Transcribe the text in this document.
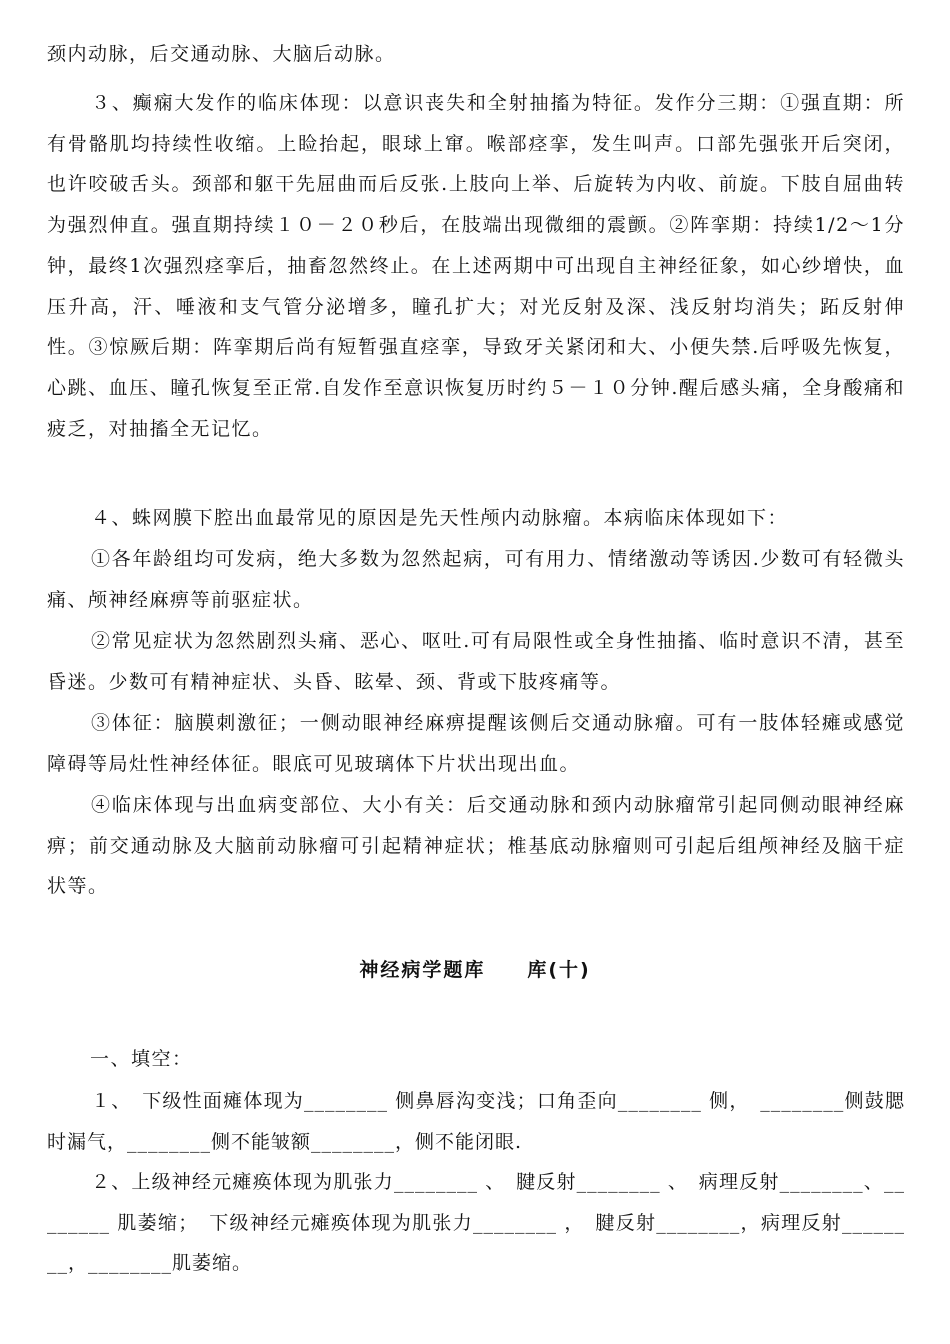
颈内动脉，后交通动脉、大脑后动脉。

３、癫痫大发作的临床体现：以意识丧失和全射抽搐为特征。发作分三期：①强直期：所有骨骼肌均持续性收缩。上睑抬起，眼球上窜。喉部痉挛，发生叫声。口部先强张开后突闭，也许咬破舌头。颈部和躯干先屈曲而后反张.上肢向上举、后旋转为内收、前旋。下肢自屈曲转为强烈伸直。强直期持续１０－２０秒后，在肢端出现微细的震颤。②阵挛期：持续1/2～1分钟，最终1次强烈痉挛后，抽畜忽然终止。在上述两期中可出现自主神经征象，如心纱增快，血压升高，汗、唾液和支气管分泌增多，瞳孔扩大；对光反射及深、浅反射均消失；跖反射伸性。③惊厥后期：阵挛期后尚有短暂强直痉挛，导致牙关紧闭和大、小便失禁.后呼吸先恢复，心跳、血压、瞳孔恢复至正常.自发作至意识恢复历时约５－１０分钟.醒后感头痛，全身酸痛和疲乏，对抽搐全无记忆。

４、蛛网膜下腔出血最常见的原因是先天性颅内动脉瘤。本病临床体现如下：

①各年龄组均可发病，绝大多数为忽然起病，可有用力、情绪激动等诱因.少数可有轻微头痛、颅神经麻痹等前驱症状。

②常见症状为忽然剧烈头痛、恶心、呕吐.可有局限性或全身性抽搐、临时意识不清，甚至昏迷。少数可有精神症状、头昏、眩晕、颈、背或下肢疼痛等。

③体征：脑膜刺激征；一侧动眼神经麻痹提醒该侧后交通动脉瘤。可有一肢体轻瘫或感觉障碍等局灶性神经体征。眼底可见玻璃体下片状出现出血。

④临床体现与出血病变部位、大小有关：后交通动脉和颈内动脉瘤常引起同侧动眼神经麻痹；前交通动脉及大脑前动脉瘤可引起精神症状；椎基底动脉瘤则可引起后组颅神经及脑干症状等。

神经病学题库　　库(十)

一、填空：

１、　下级性面瘫体现为________ 侧鼻唇沟变浅；口角歪向________ 侧，　________侧鼓腮时漏气，________侧不能皱额________，侧不能闭眼.

２、上级神经元瘫痪体现为肌张力________ 、　腱反射________ 、　病理反射________、________ 肌萎缩；　下级神经元瘫痪体现为肌张力________ ，　腱反射________，病理反射________，________肌萎缩。
